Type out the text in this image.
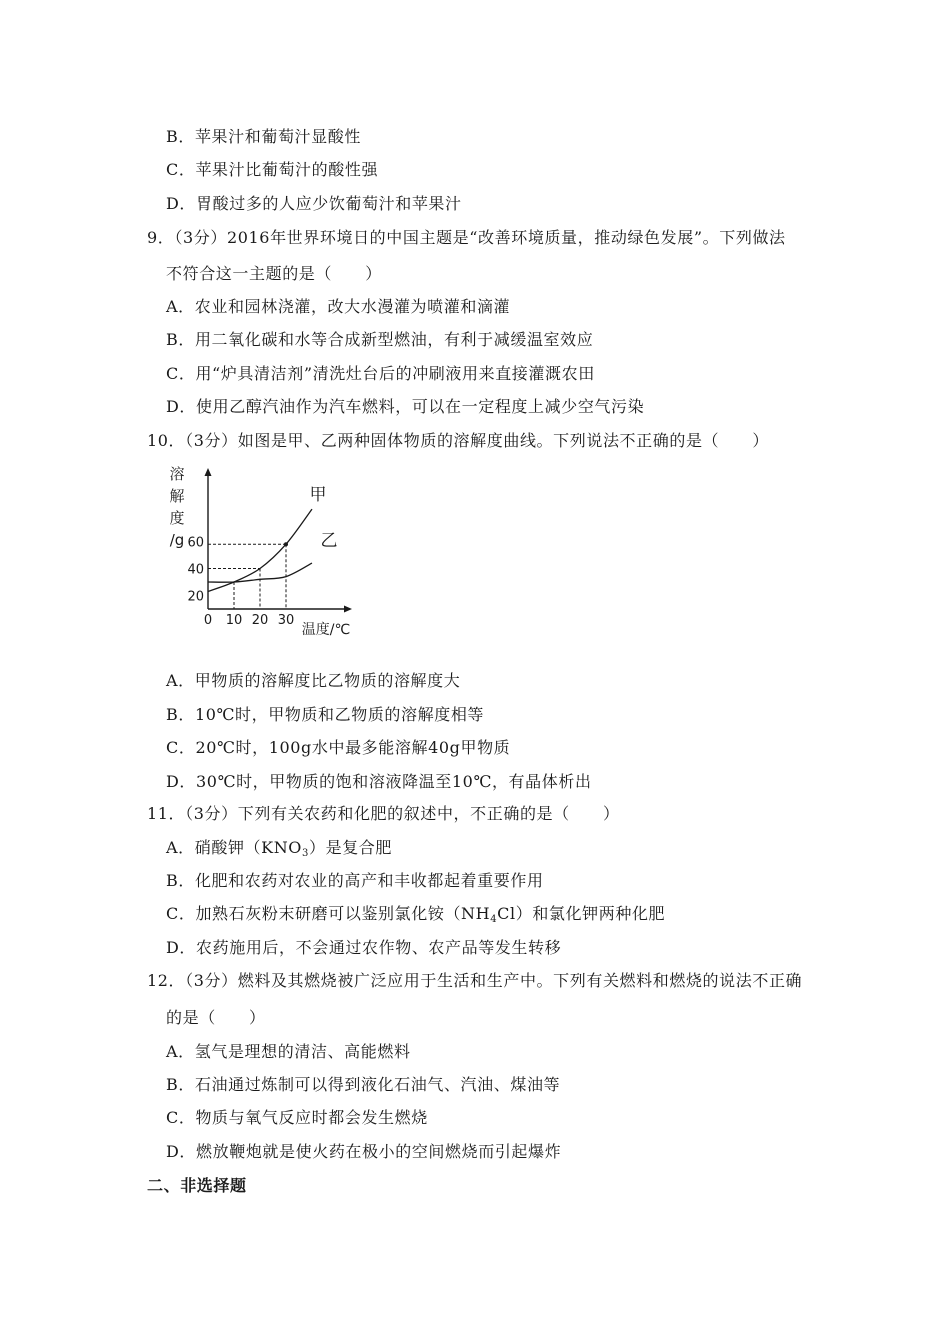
B．苹果汁和葡萄汁显酸性
C．苹果汁比葡萄汁的酸性强
D．胃酸过多的人应少饮葡萄汁和苹果汁
9．（3分）2016年世界环境日的中国主题是“改善环境质量，推动绿色发展”。下列做法
不符合这一主题的是（　　）
A．农业和园林浇灌，改大水漫灌为喷灌和滴灌
B．用二氧化碳和水等合成新型燃油，有利于减缓温室效应
C．用“炉具清洁剂”清洗灶台后的冲刷液用来直接灌溉农田
D．使用乙醇汽油作为汽车燃料，可以在一定程度上减少空气污染
10．（3分）如图是甲、乙两种固体物质的溶解度曲线。下列说法不正确的是（　　）
溶
解
度
/g
温度/℃
0 10 20 30
20
40
60
甲
乙
A．甲物质的溶解度比乙物质的溶解度大
B．10℃时，甲物质和乙物质的溶解度相等
C．20℃时，100g水中最多能溶解40g甲物质
D．30℃时，甲物质的饱和溶液降温至10℃，有晶体析出
11．（3分）下列有关农药和化肥的叙述中，不正确的是（　　）
A．硝酸钾$(KNO_3)$是复合肥
B．化肥和农药对农业的高产和丰收都起着重要作用
C．加熟石灰粉末研磨可以鉴别氯化铵$(NH_4Cl)$和氯化钾两种化肥
D．农药施用后，不会通过农作物、农产品等发生转移
12．（3分）燃料及其燃烧被广泛应用于生活和生产中。下列有关燃料和燃烧的说法不正确
的是（　　）
A．氢气是理想的清洁、高能燃料
B．石油通过炼制可以得到液化石油气、汽油、煤油等
C．物质与氧气反应时都会发生燃烧
D．燃放鞭炮就是使火药在极小的空间燃烧而引起爆炸
二、非选择题
